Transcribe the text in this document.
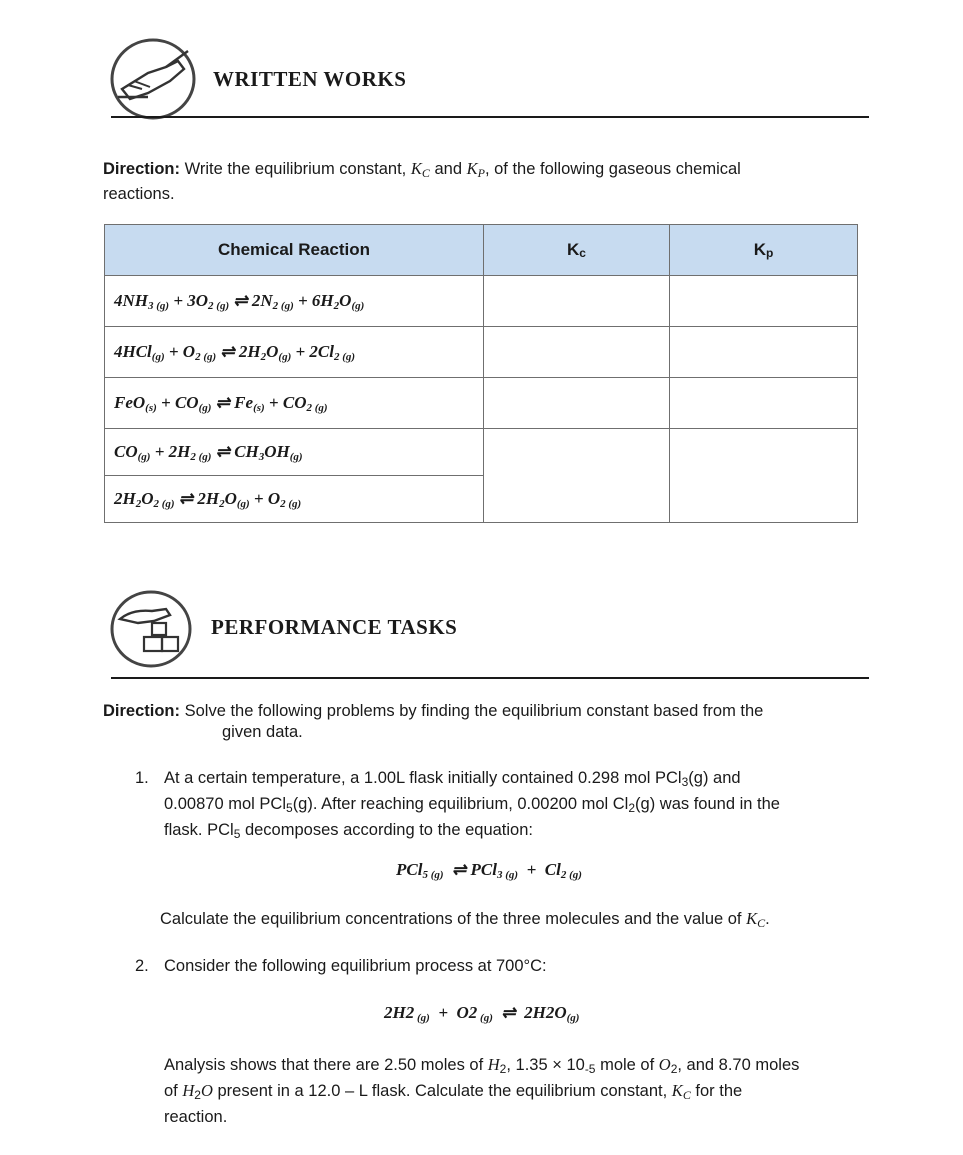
WRITTEN WORKS
Direction: Write the equilibrium constant, KC and KP, of the following gaseous chemical
reactions.
Chemical Reaction	Kc	Kp
$4NH_{3 (g)} + 3O_{2 (g)}$ ⇌ $2N_{2 (g)} + 6H_2O_{(g)}$		
$4HCl_{(g)} + O_{2 (g)}$ ⇌ $2H_2O_{(g)} + 2Cl_{2 (g)}$		
$FeO_{(s)} + CO_{(g)}$ ⇌ $Fe_{(s)} + CO_{2 (g)}$		
$CO_{(g)} + 2H_{2 (g)}$ ⇌ $CH_3OH_{(g)}$		
$2H_2O_{2 (g)}$ ⇌ $2H_2O_{(g)} + O_{2 (g)}$
PERFORMANCE TASKS
Direction: Solve the following problems by finding the equilibrium constant based from the
given data.
1. At a certain temperature, a 1.00L flask initially contained 0.298 mol PCl3(g) and
0.00870 mol PCl5(g). After reaching equilibrium, 0.00200 mol Cl2(g) was found in the
flask. PCl5 decomposes according to the equation:
PCl$_{5 (g)}$  ⇌ $PCl_{3 (g)} + Cl_{2 (g)}$
Calculate the equilibrium concentrations of the three molecules and the value of KC.
2. Consider the following equilibrium process at 700°C:
2H2 $_{(g)}$  +  O2 $_{(g)}$  ⇌  $2H2O_{(g)}$
Analysis shows that there are 2.50 moles of H2, 1.35 × 10-5 mole of O2, and 8.70 moles
of H2O present in a 12.0 – L flask. Calculate the equilibrium constant, KC for the
reaction.
